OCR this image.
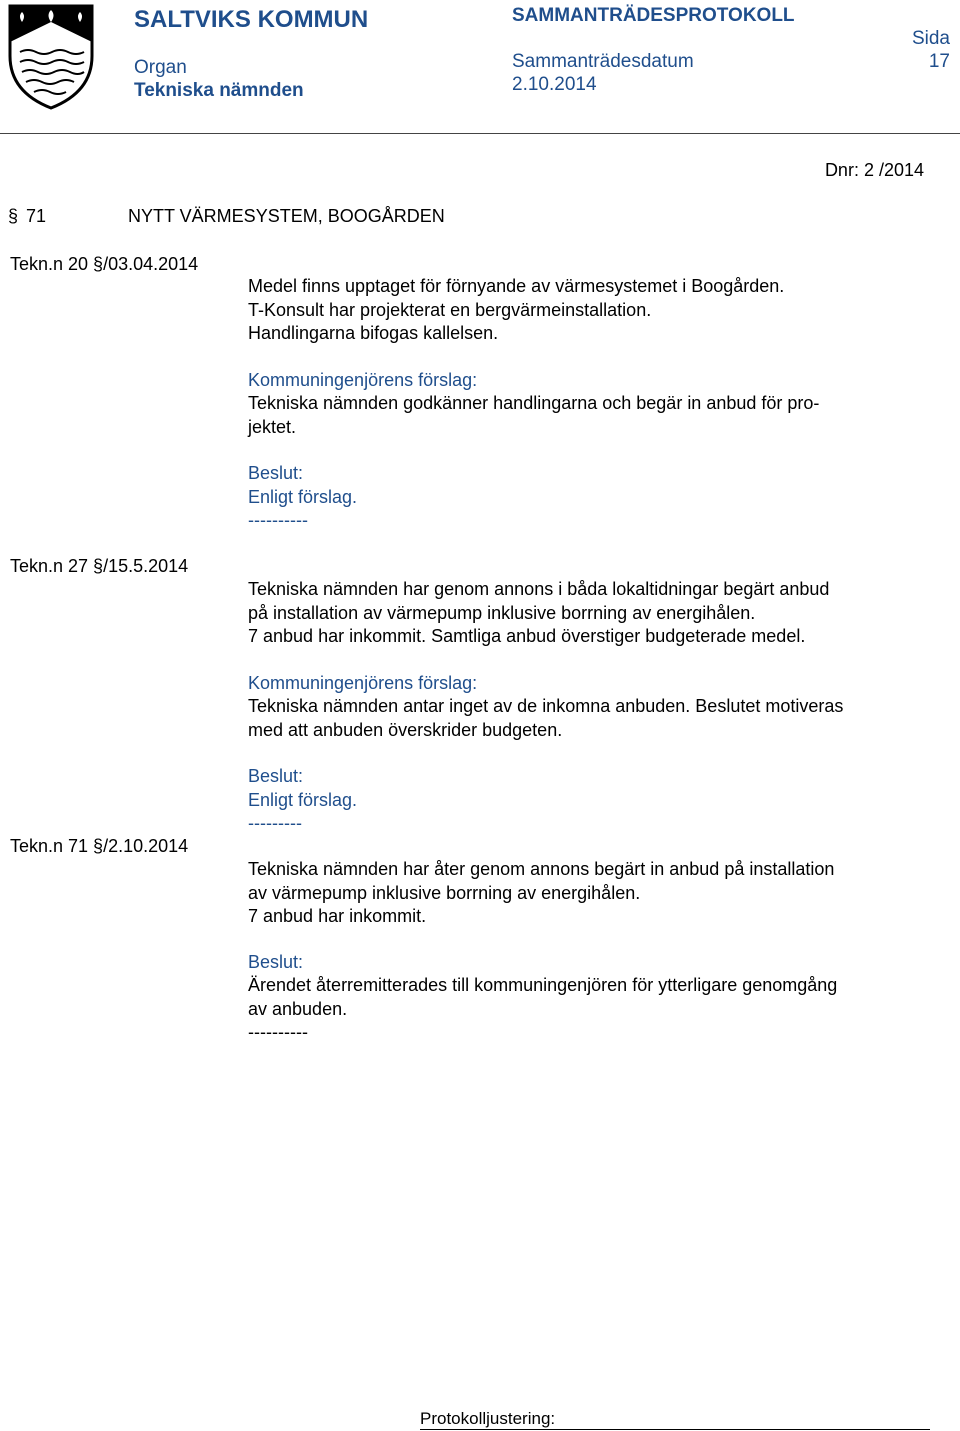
SALTVIKS KOMMUN	SAMMANTRÄDESPROTOKOLL
Organ
Tekniska nämnden
Sammanträdesdatum
2.10.2014
Sida
17
Dnr: 2 /2014
§ 71	NYTT VÄRMESYSTEM, BOOGÅRDEN
Tekn.n 20 §/03.04.2014
Medel finns upptaget för förnyande av värmesystemet i Boogården.
T-Konsult har projekterat en bergvärmeinstallation.
Handlingarna bifogas kallelsen.
Kommuningenjörens förslag:
Tekniska nämnden godkänner handlingarna och begär in anbud för pro-
jektet.
Beslut:
Enligt förslag.
----------
Tekn.n 27 §/15.5.2014
Tekniska nämnden har genom annons i båda lokaltidningar begärt anbud
på installation av värmepump inklusive borrning av energihålen.
7 anbud har inkommit. Samtliga anbud överstiger budgeterade medel.
Kommuningenjörens förslag:
Tekniska nämnden antar inget av de inkomna anbuden. Beslutet motiveras
med att anbuden överskrider budgeten.
Beslut:
Enligt förslag.
---------
Tekn.n 71 §/2.10.2014
Tekniska nämnden har åter genom annons begärt in anbud på installation
av värmepump inklusive borrning av energihålen.
7 anbud har inkommit.
Beslut:
Ärendet återremitterades till kommuningenjören för ytterligare genomgång
av anbuden.
----------
Protokolljustering:
